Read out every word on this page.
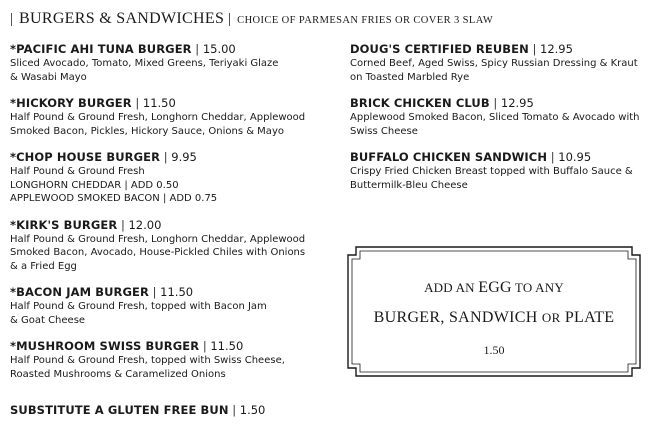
| BURGERS & SANDWICHES | CHOICE OF PARMESAN FRIES OR COVER 3 SLAW
*PACIFIC AHI TUNA BURGER | 15.00
Sliced Avocado, Tomato, Mixed Greens, Teriyaki Glaze
& Wasabi Mayo
*HICKORY BURGER | 11.50
Half Pound & Ground Fresh, Longhorn Cheddar, Applewood
Smoked Bacon, Pickles, Hickory Sauce, Onions & Mayo
*CHOP HOUSE BURGER | 9.95
Half Pound & Ground Fresh
LONGHORN CHEDDAR | ADD 0.50
APPLEWOOD SMOKED BACON | ADD 0.75
*KIRK'S BURGER | 12.00
Half Pound & Ground Fresh, Longhorn Cheddar, Applewood
Smoked Bacon, Avocado, House-Pickled Chiles with Onions
& a Fried Egg
*BACON JAM BURGER | 11.50
Half Pound & Ground Fresh, topped with Bacon Jam
& Goat Cheese
*MUSHROOM SWISS BURGER | 11.50
Half Pound & Ground Fresh, topped with Swiss Cheese,
Roasted Mushrooms & Caramelized Onions
SUBSTITUTE A GLUTEN FREE BUN | 1.50
DOUG'S CERTIFIED REUBEN | 12.95
Corned Beef, Aged Swiss, Spicy Russian Dressing & Kraut
on Toasted Marbled Rye
BRICK CHICKEN CLUB | 12.95
Applewood Smoked Bacon, Sliced Tomato & Avocado with
Swiss Cheese
BUFFALO CHICKEN SANDWICH | 10.95
Crispy Fried Chicken Breast topped with Buffalo Sauce &
Buttermilk-Bleu Cheese
ADD AN EGG TO ANY
BURGER, SANDWICH OR PLATE
1.50
